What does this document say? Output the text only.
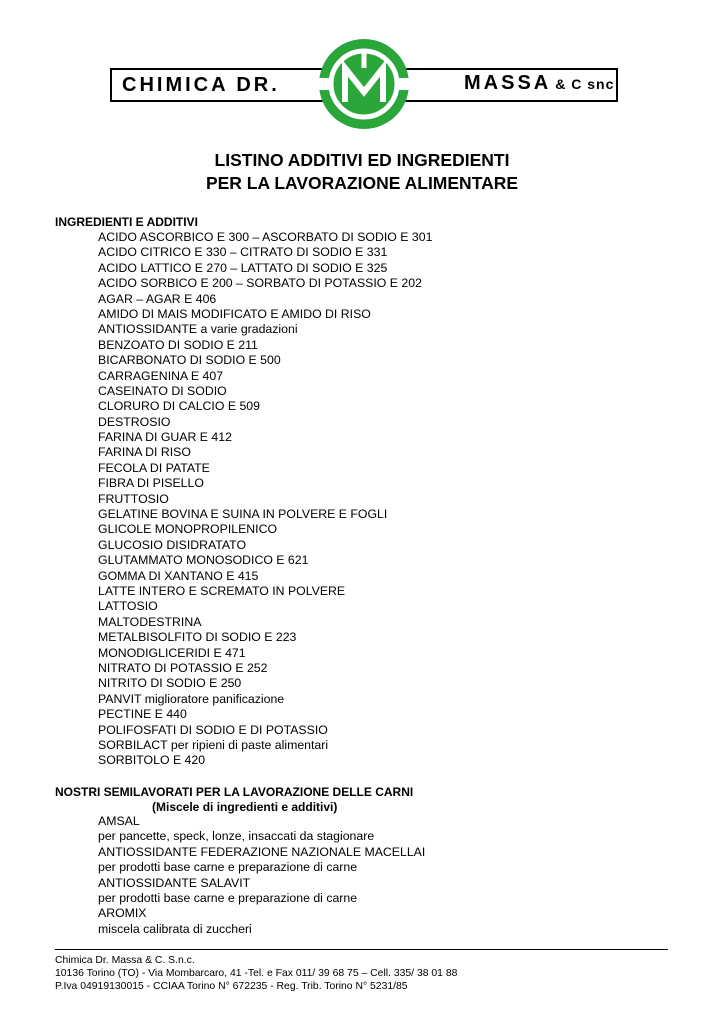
CHIMICA DR.	MASSA & C snc
LISTINO ADDITIVI ED INGREDIENTI
PER LA LAVORAZIONE ALIMENTARE
INGREDIENTI E ADDITIVI
ACIDO ASCORBICO E 300 – ASCORBATO DI SODIO E 301
ACIDO CITRICO E 330 – CITRATO DI SODIO E 331
ACIDO LATTICO E 270 – LATTATO DI SODIO E 325
ACIDO SORBICO E 200 – SORBATO DI POTASSIO E 202
AGAR – AGAR E 406
AMIDO DI MAIS MODIFICATO E AMIDO DI RISO
ANTIOSSIDANTE a varie gradazioni
BENZOATO DI SODIO E 211
BICARBONATO DI SODIO E 500
CARRAGENINA E 407
CASEINATO DI SODIO
CLORURO DI CALCIO E 509
DESTROSIO
FARINA DI GUAR E 412
FARINA DI RISO
FECOLA DI PATATE
FIBRA DI PISELLO
FRUTTOSIO
GELATINE BOVINA E SUINA IN POLVERE E FOGLI
GLICOLE MONOPROPILENICO
GLUCOSIO DISIDRATATO
GLUTAMMATO MONOSODICO E 621
GOMMA DI XANTANO E 415
LATTE INTERO E SCREMATO IN POLVERE
LATTOSIO
MALTODESTRINA
METALBISOLFITO DI SODIO E 223
MONODIGLICERIDI E 471
NITRATO DI POTASSIO E 252
NITRITO DI SODIO E 250
PANVIT miglioratore panificazione
PECTINE E 440
POLIFOSFATI DI SODIO E DI POTASSIO
SORBILACT per ripieni di paste alimentari
SORBITOLO E 420
NOSTRI SEMILAVORATI PER LA LAVORAZIONE DELLE CARNI
(Miscele di ingredienti e additivi)
AMSAL
per pancette, speck, lonze, insaccati da stagionare
ANTIOSSIDANTE FEDERAZIONE NAZIONALE MACELLAI
per prodotti base carne e preparazione di carne
ANTIOSSIDANTE SALAVIT
per prodotti base carne e preparazione di carne
AROMIX
miscela calibrata di zuccheri
Chimica Dr. Massa & C. S.n.c.
10136 Torino (TO) - Via Mombarcaro, 41 -Tel. e Fax 011/ 39 68 75 – Cell. 335/ 38 01 88
P.Iva 04919130015 - CCIAA Torino N° 672235 - Reg. Trib. Torino N° 5231/85
